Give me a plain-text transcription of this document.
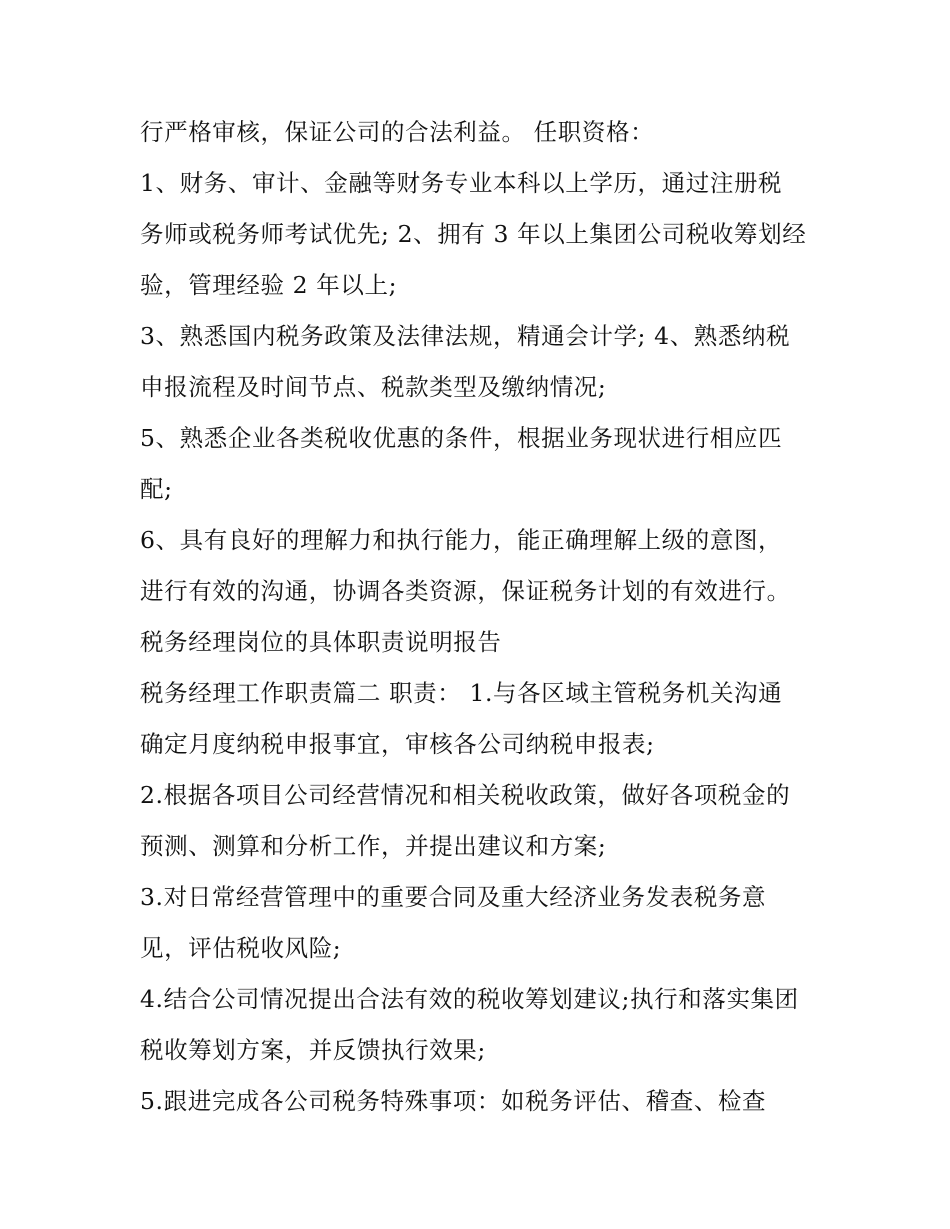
行严格审核，保证公司的合法利益。 任职资格：

1、财务、审计、金融等财务专业本科以上学历，通过注册税

务师或税务师考试优先; 2、拥有 3 年以上集团公司税收筹划经

验，管理经验 2 年以上;

3、熟悉国内税务政策及法律法规，精通会计学; 4、熟悉纳税

申报流程及时间节点、税款类型及缴纳情况;

5、熟悉企业各类税收优惠的条件，根据业务现状进行相应匹

配;

6、具有良好的理解力和执行能力，能正确理解上级的意图，

进行有效的沟通，协调各类资源，保证税务计划的有效进行。

税务经理岗位的具体职责说明报告

税务经理工作职责篇二 职责： 1.与各区域主管税务机关沟通

确定月度纳税申报事宜，审核各公司纳税申报表;

2.根据各项目公司经营情况和相关税收政策，做好各项税金的

预测、测算和分析工作，并提出建议和方案;

3.对日常经营管理中的重要合同及重大经济业务发表税务意

见，评估税收风险;

4.结合公司情况提出合法有效的税收筹划建议;执行和落实集团

税收筹划方案，并反馈执行效果;

5.跟进完成各公司税务特殊事项：如税务评估、稽查、检查
